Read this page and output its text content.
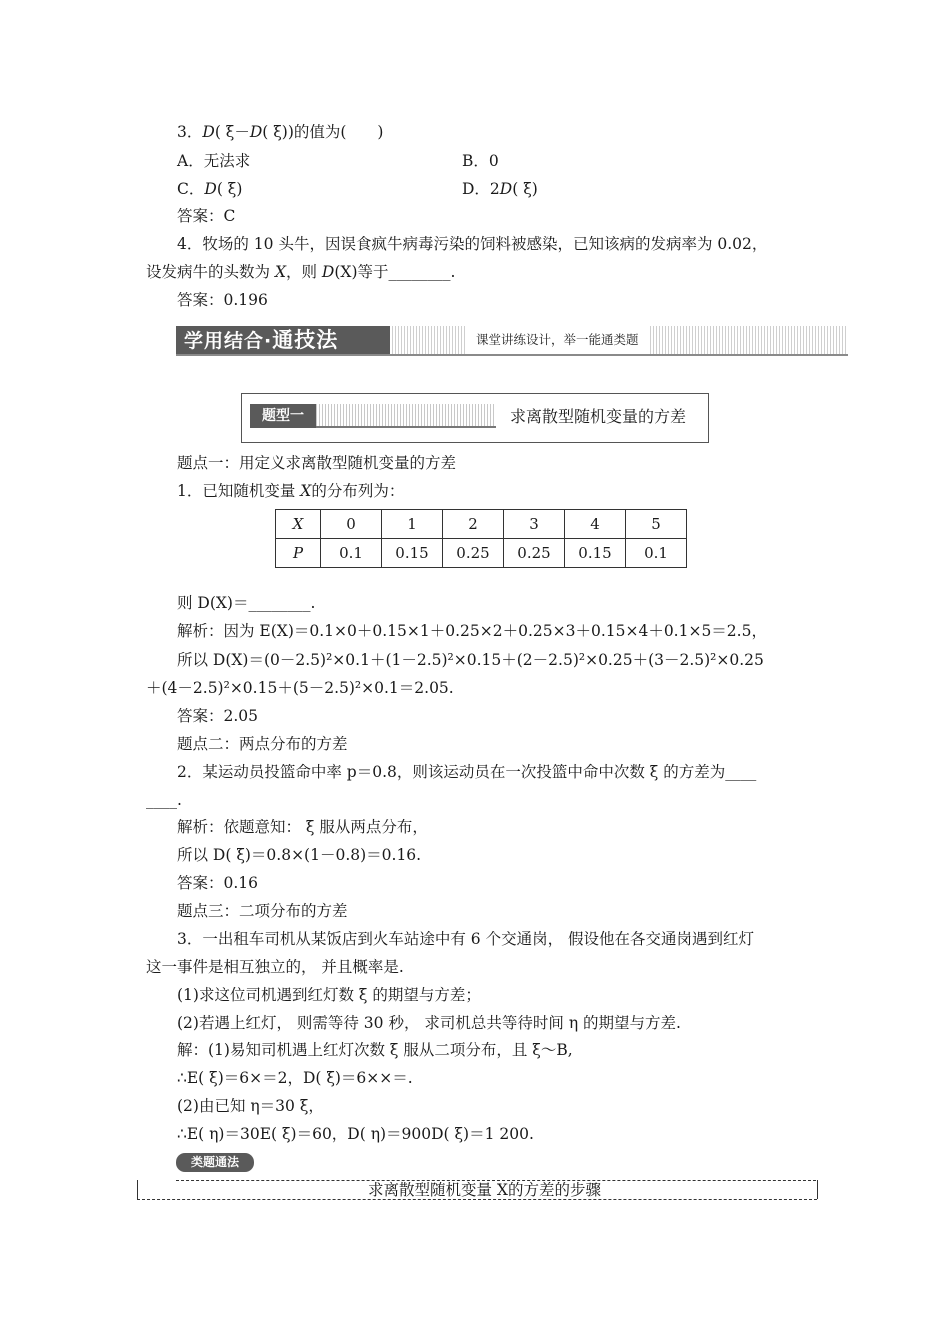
3．D( ξ－D( ξ))的值为(　　)
A．无法求	B．0
C．D( ξ)	D．2D( ξ)
答案：C
4．牧场的 10 头牛，因误食疯牛病毒污染的饲料被感染，已知该病的发病率为 0.02，
设发病牛的头数为 X，则 D(X)等于________.
答案：0.196
学用结合·通技法	课堂讲练设计，举一能通类题
题型一	求离散型随机变量的方差
题点一：用定义求离散型随机变量的方差
1．已知随机变量 X的分布列为：
X	0	1	2	3	4	5
P	0.1	0.15	0.25	0.25	0.15	0.1
则 D(X)＝________.
解析：因为 E(X)＝0.1×0＋0.15×1＋0.25×2＋0.25×3＋0.15×4＋0.1×5＝2.5，
所以 D(X)＝(0－2.5)²×0.1＋(1－2.5)²×0.15＋(2－2.5)²×0.25＋(3－2.5)²×0.25
＋(4－2.5)²×0.15＋(5－2.5)²×0.1＝2.05.
答案：2.05
题点二：两点分布的方差
2．某运动员投篮命中率 p＝0.8，则该运动员在一次投篮中命中次数 ξ 的方差为____
____.
解析：依题意知： ξ 服从两点分布，
所以 D( ξ)＝0.8×(1－0.8)＝0.16.
答案：0.16
题点三：二项分布的方差
3．一出租车司机从某饭店到火车站途中有 6 个交通岗， 假设他在各交通岗遇到红灯
这一事件是相互独立的， 并且概率是.
(1)求这位司机遇到红灯数 ξ 的期望与方差；
(2)若遇上红灯， 则需等待 30 秒， 求司机总共等待时间 η 的期望与方差.
解：(1)易知司机遇上红灯次数 ξ 服从二项分布，且 ξ～B,
∴E( ξ)＝6×＝2，D( ξ)＝6××＝.
(2)由已知 η＝30 ξ，
∴E( η)＝30E( ξ)＝60，D( η)＝900D( ξ)＝1 200.
类题通法
求离散型随机变量 X的方差的步骤
